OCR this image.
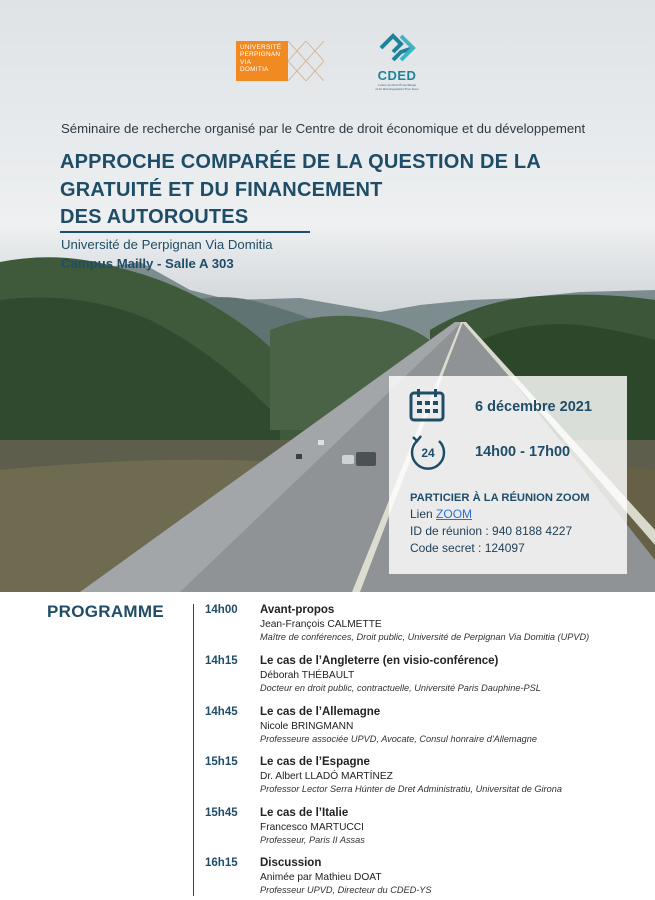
UNIVERSITÉ
PERPIGNAN
VIA
DOMITIA	CDED
Centre de Droit Économique
et du Développement Yves Serra
Séminaire de recherche organisé par le Centre de droit économique et du développement
APPROCHE COMPARÉE DE LA QUESTION DE LA
GRATUITÉ ET DU FINANCEMENT
DES AUTOROUTES
Université de Perpignan Via Domitia
Campus Mailly - Salle A 303
24
6 décembre 2021
14h00 - 17h00
PARTICIER À LA RÉUNION ZOOM
Lien ZOOM
ID de réunion : 940 8188 4227
Code secret : 124097
PROGRAMME	14h00 Avant-propos
Jean-François CALMETTE
Maître de conférences, Droit public, Université de Perpignan Via Domitia (UPVD)
14h15 Le cas de l’Angleterre (en visio-conférence)
Déborah THÉBAULT
Docteur en droit public, contractuelle, Université Paris Dauphine-PSL
14h45 Le cas de l’Allemagne
Nicole BRINGMANN
Professeure associée UPVD, Avocate, Consul honraire d'Allemagne
15h15 Le cas de l’Espagne
Dr. Albert LLADÓ MARTÍNEZ
Professor Lector Serra Húnter de Dret Administratiu, Universitat de Girona
15h45 Le cas de l’Italie
Francesco MARTUCCI
Professeur, Paris II Assas
16h15 Discussion
Animée par Mathieu DOAT
Professeur UPVD, Directeur du CDED-YS
